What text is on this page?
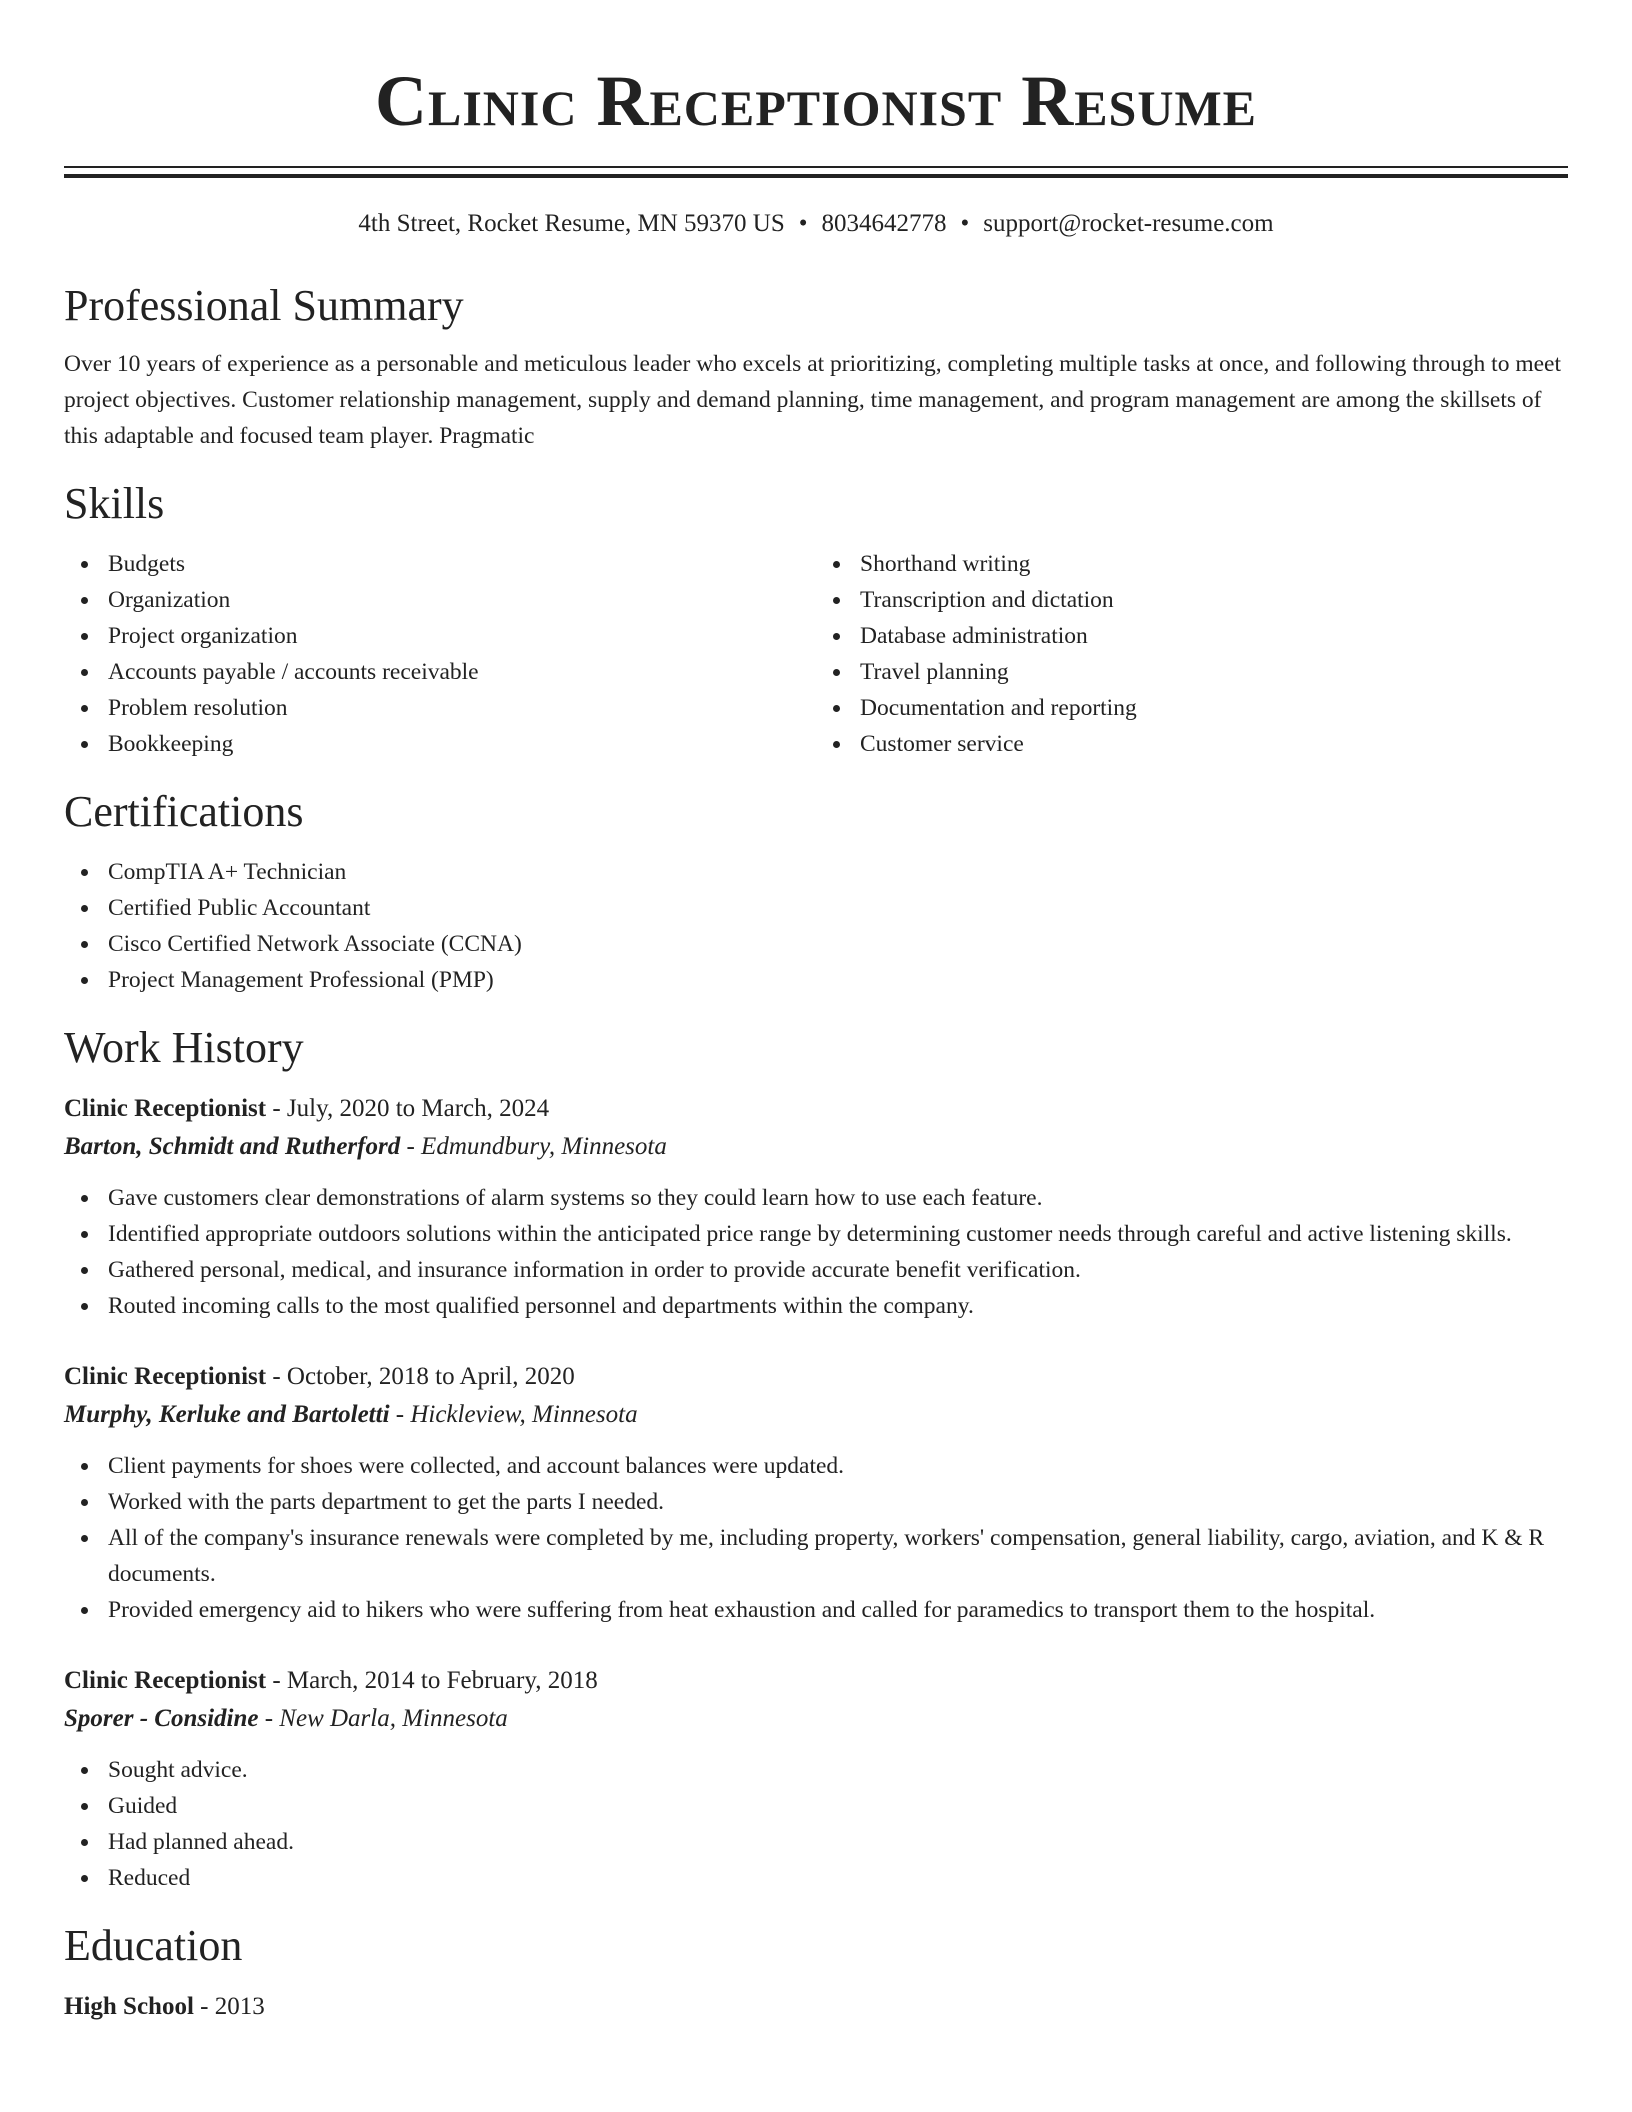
Clinic Receptionist Resume
4th Street, Rocket Resume, MN 59370 US • 8034642778 • support@rocket-resume.com
Professional Summary

Over 10 years of experience as a personable and meticulous leader who excels at prioritizing, completing multiple tasks at once, and following through to meet project objectives. Customer relationship management, supply and demand planning, time management, and program management are among the skillsets of this adaptable and focused team player. Pragmatic

Skills
Budgets
Organization
Project organization
Accounts payable / accounts receivable
Problem resolution
Bookkeeping
Shorthand writing
Transcription and dictation
Database administration
Travel planning
Documentation and reporting
Customer service
Certifications
CompTIA A+ Technician
Certified Public Accountant
Cisco Certified Network Associate (CCNA)
Project Management Professional (PMP)
Work History
Clinic Receptionist - July, 2020 to March, 2024
Barton, Schmidt and Rutherford - Edmundbury, Minnesota
Gave customers clear demonstrations of alarm systems so they could learn how to use each feature.
Identified appropriate outdoors solutions within the anticipated price range by determining customer needs through careful and active listening skills.
Gathered personal, medical, and insurance information in order to provide accurate benefit verification.
Routed incoming calls to the most qualified personnel and departments within the company.
Clinic Receptionist - October, 2018 to April, 2020
Murphy, Kerluke and Bartoletti - Hickleview, Minnesota
Client payments for shoes were collected, and account balances were updated.
Worked with the parts department to get the parts I needed.
All of the company's insurance renewals were completed by me, including property, workers' compensation, general liability, cargo, aviation, and K & R documents.
Provided emergency aid to hikers who were suffering from heat exhaustion and called for paramedics to transport them to the hospital.
Clinic Receptionist - March, 2014 to February, 2018
Sporer - Considine - New Darla, Minnesota
Sought advice.
Guided
Had planned ahead.
Reduced
Education
High School - 2013
